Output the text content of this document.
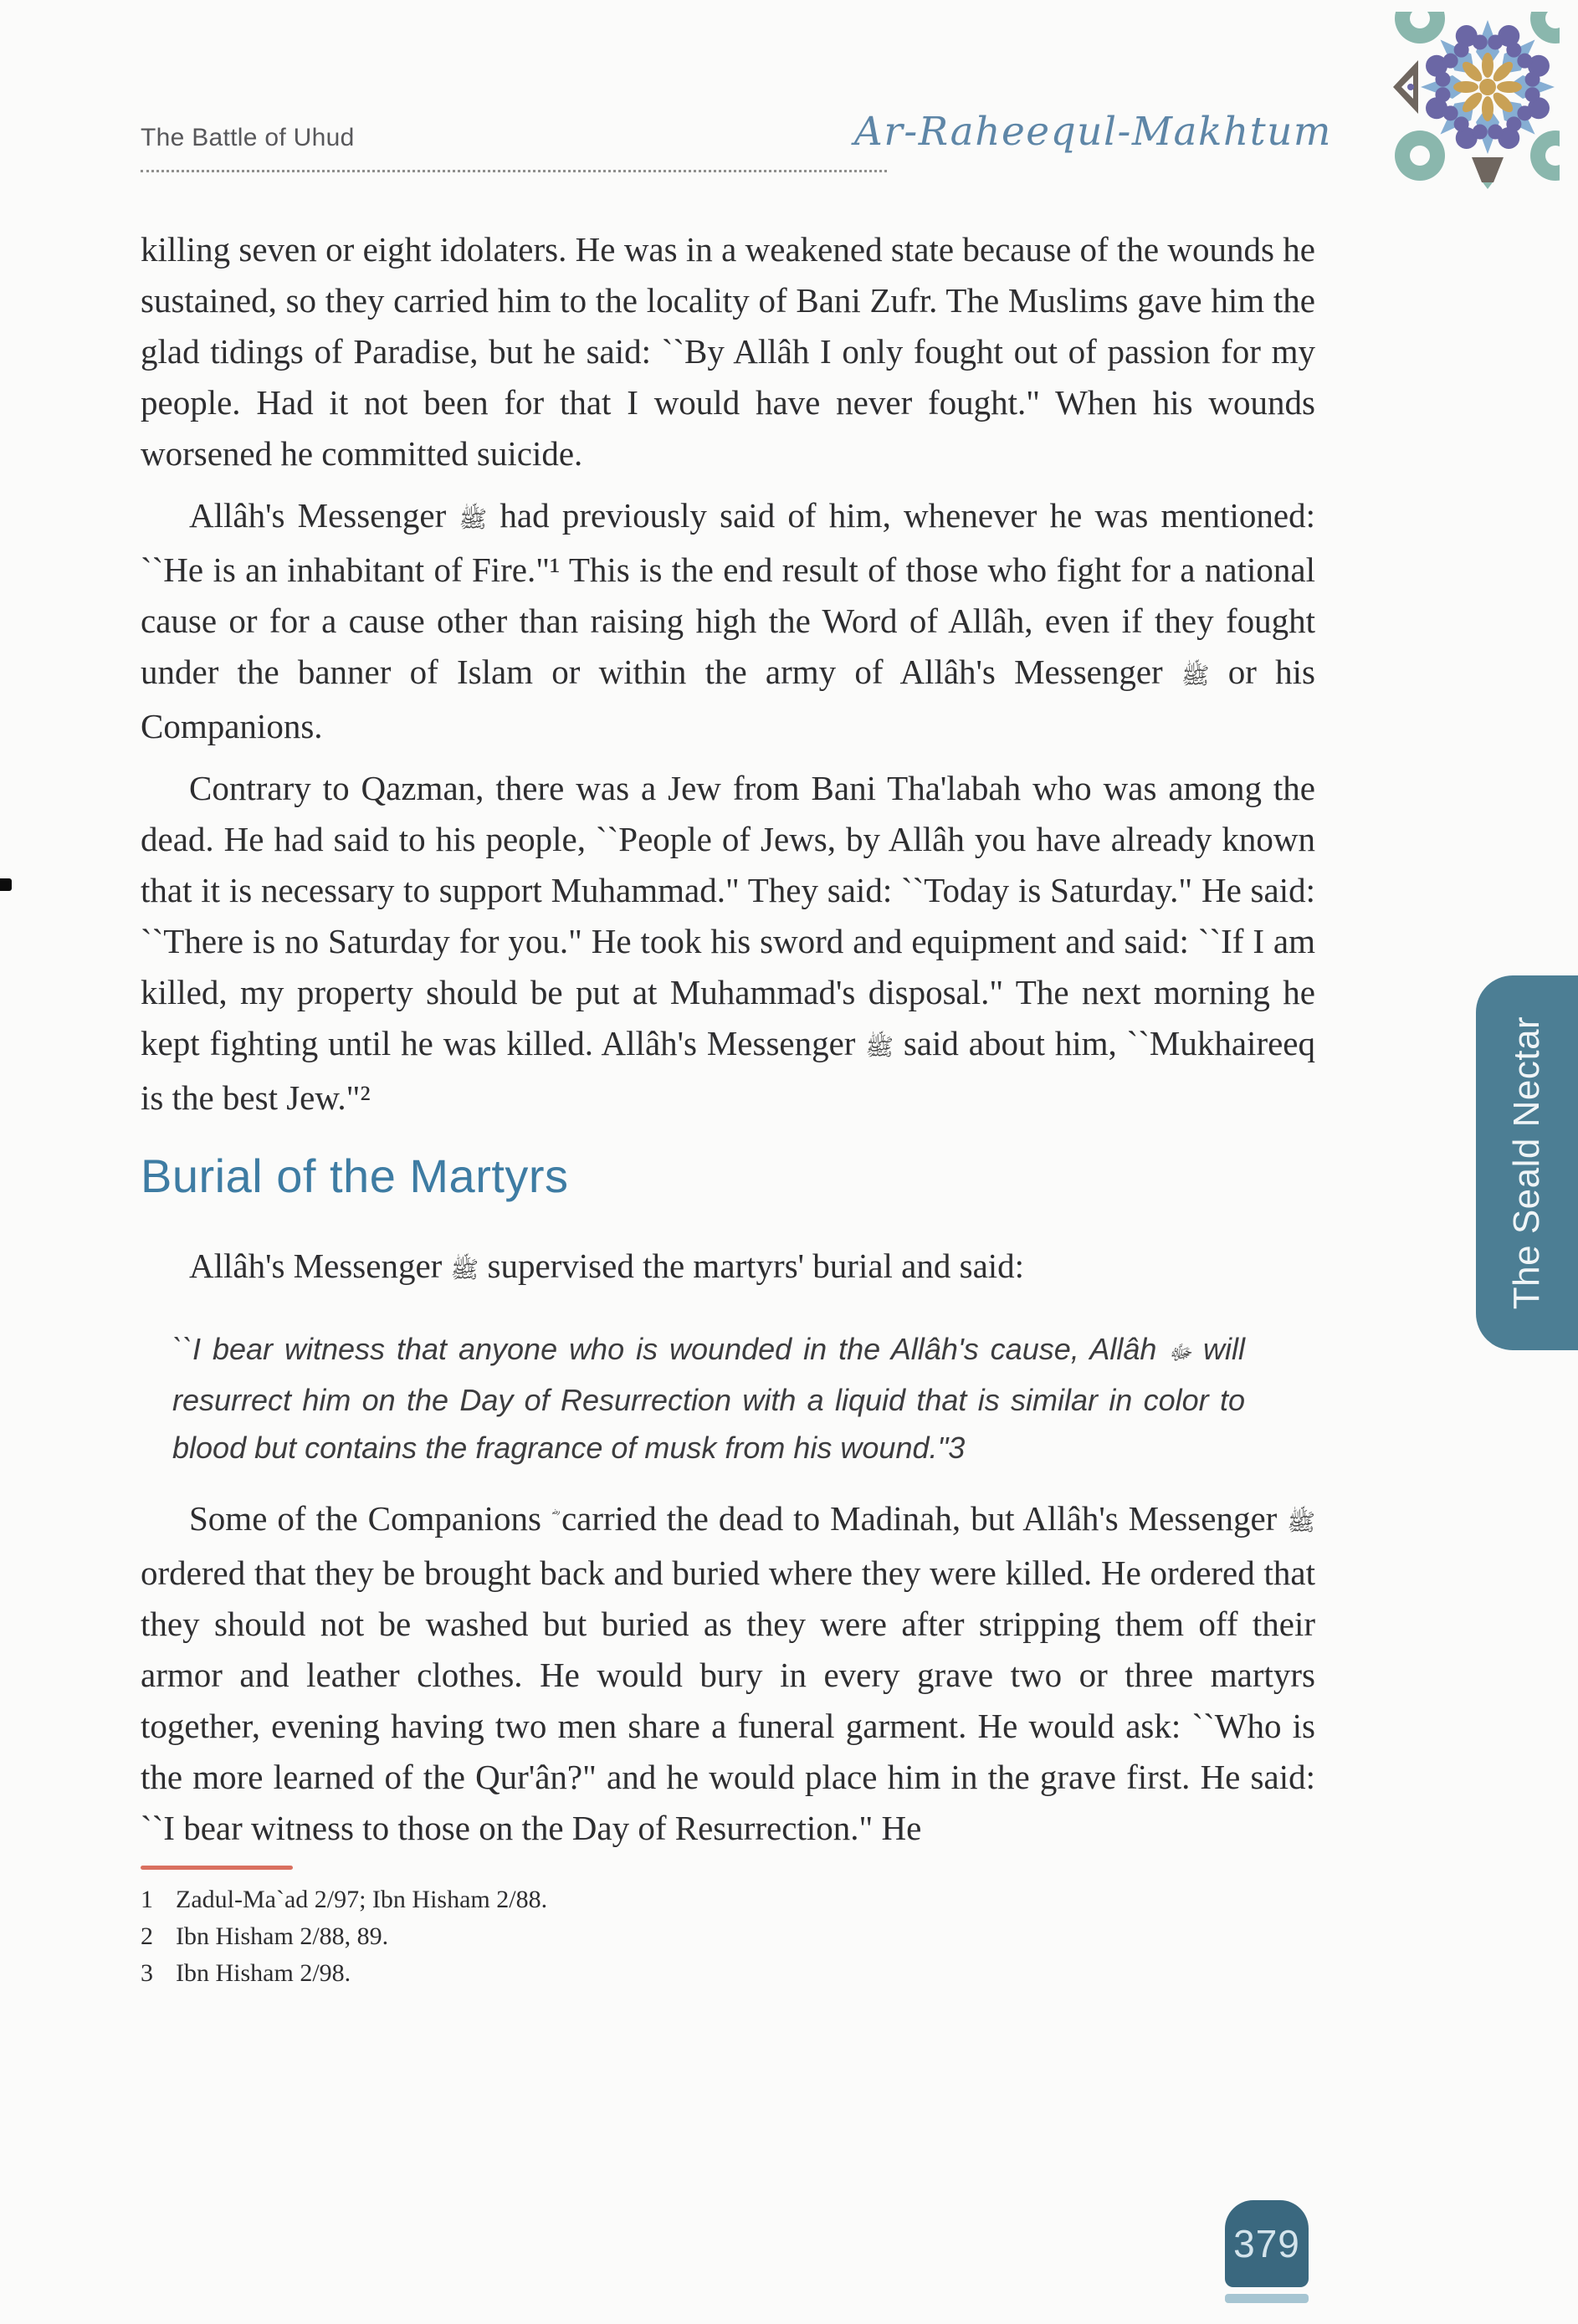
The Battle of Uhud	Ar-Raheequl-Makhtum

killing seven or eight idolaters. He was in a weakened state because of the wounds he sustained, so they carried him to the locality of Bani Zufr. The Muslims gave him the glad tidings of Paradise, but he said: ``By Allâh I only fought out of passion for my people. Had it not been for that I would have never fought." When his wounds worsened he committed suicide.

Allâh's Messenger ﷺ had previously said of him, whenever he was mentioned: ``He is an inhabitant of Fire."¹ This is the end result of those who fight for a national cause or for a cause other than raising high the Word of Allâh, even if they fought under the banner of Islam or within the army of Allâh's Messenger ﷺ or his Companions.

Contrary to Qazman, there was a Jew from Bani Tha'labah who was among the dead. He had said to his people, ``People of Jews, by Allâh you have already known that it is necessary to support Muhammad." They said: ``Today is Saturday." He said: ``There is no Saturday for you." He took his sword and equipment and said: ``If I am killed, my property should be put at Muhammad's disposal." The next morning he kept fighting until he was killed. Allâh's Messenger ﷺ said about him, ``Mukhaireeq is the best Jew."²

Burial of the Martyrs

Allâh's Messenger ﷺ supervised the martyrs' burial and said:

``I bear witness that anyone who is wounded in the Allâh's cause, Allâh ﷻ will resurrect him on the Day of Resurrection with a liquid that is similar in color to blood but contains the fragrance of musk from his wound."3

Some of the Companions carried the dead to Madinah, but Allâh's Messenger ﷺ ordered that they be brought back and buried where they were killed. He ordered that they should not be washed but buried as they were after stripping them off their armor and leather clothes. He would bury in every grave two or three martyrs together, evening having two men share a funeral garment. He would ask: ``Who is the more learned of the Qur'ân?" and he would place him in the grave first. He said: ``I bear witness to those on the Day of Resurrection." He

1 Zadul-Ma`ad 2/97; Ibn Hisham 2/88.
2 Ibn Hisham 2/88, 89.
3 Ibn Hisham 2/98.
The Seald Nectar
379
